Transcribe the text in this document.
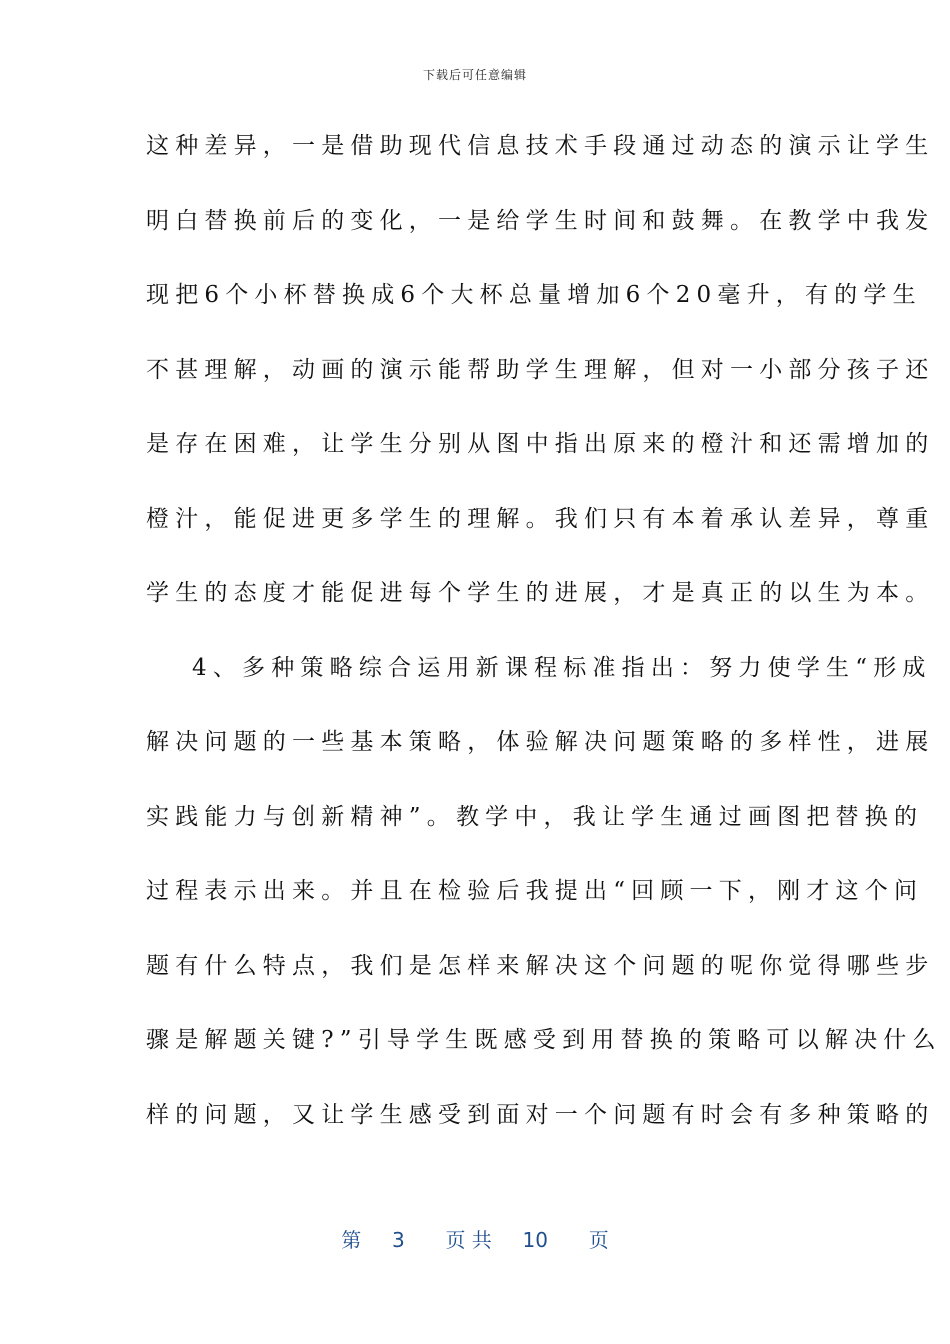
下载后可任意编辑
这种差异，一是借助现代信息技术手段通过动态的演示让学生
明白替换前后的变化，一是给学生时间和鼓舞。在教学中我发
现把6个小杯替换成6个大杯总量增加6个20毫升，有的学生
不甚理解，动画的演示能帮助学生理解，但对一小部分孩子还
是存在困难，让学生分别从图中指出原来的橙汁和还需增加的
橙汁，能促进更多学生的理解。我们只有本着承认差异，尊重
学生的态度才能促进每个学生的进展，才是真正的以生为本。
4、多种策略综合运用新课程标准指出：努力使学生“形成
解决问题的一些基本策略，体验解决问题策略的多样性，进展
实践能力与创新精神”。教学中，我让学生通过画图把替换的
过程表示出来。并且在检验后我提出“回顾一下，刚才这个问
题有什么特点，我们是怎样来解决这个问题的呢你觉得哪些步
骤是解题关键?”引导学生既感受到用替换的策略可以解决什么
样的问题，又让学生感受到面对一个问题有时会有多种策略的
第 3 页 共 10 页
